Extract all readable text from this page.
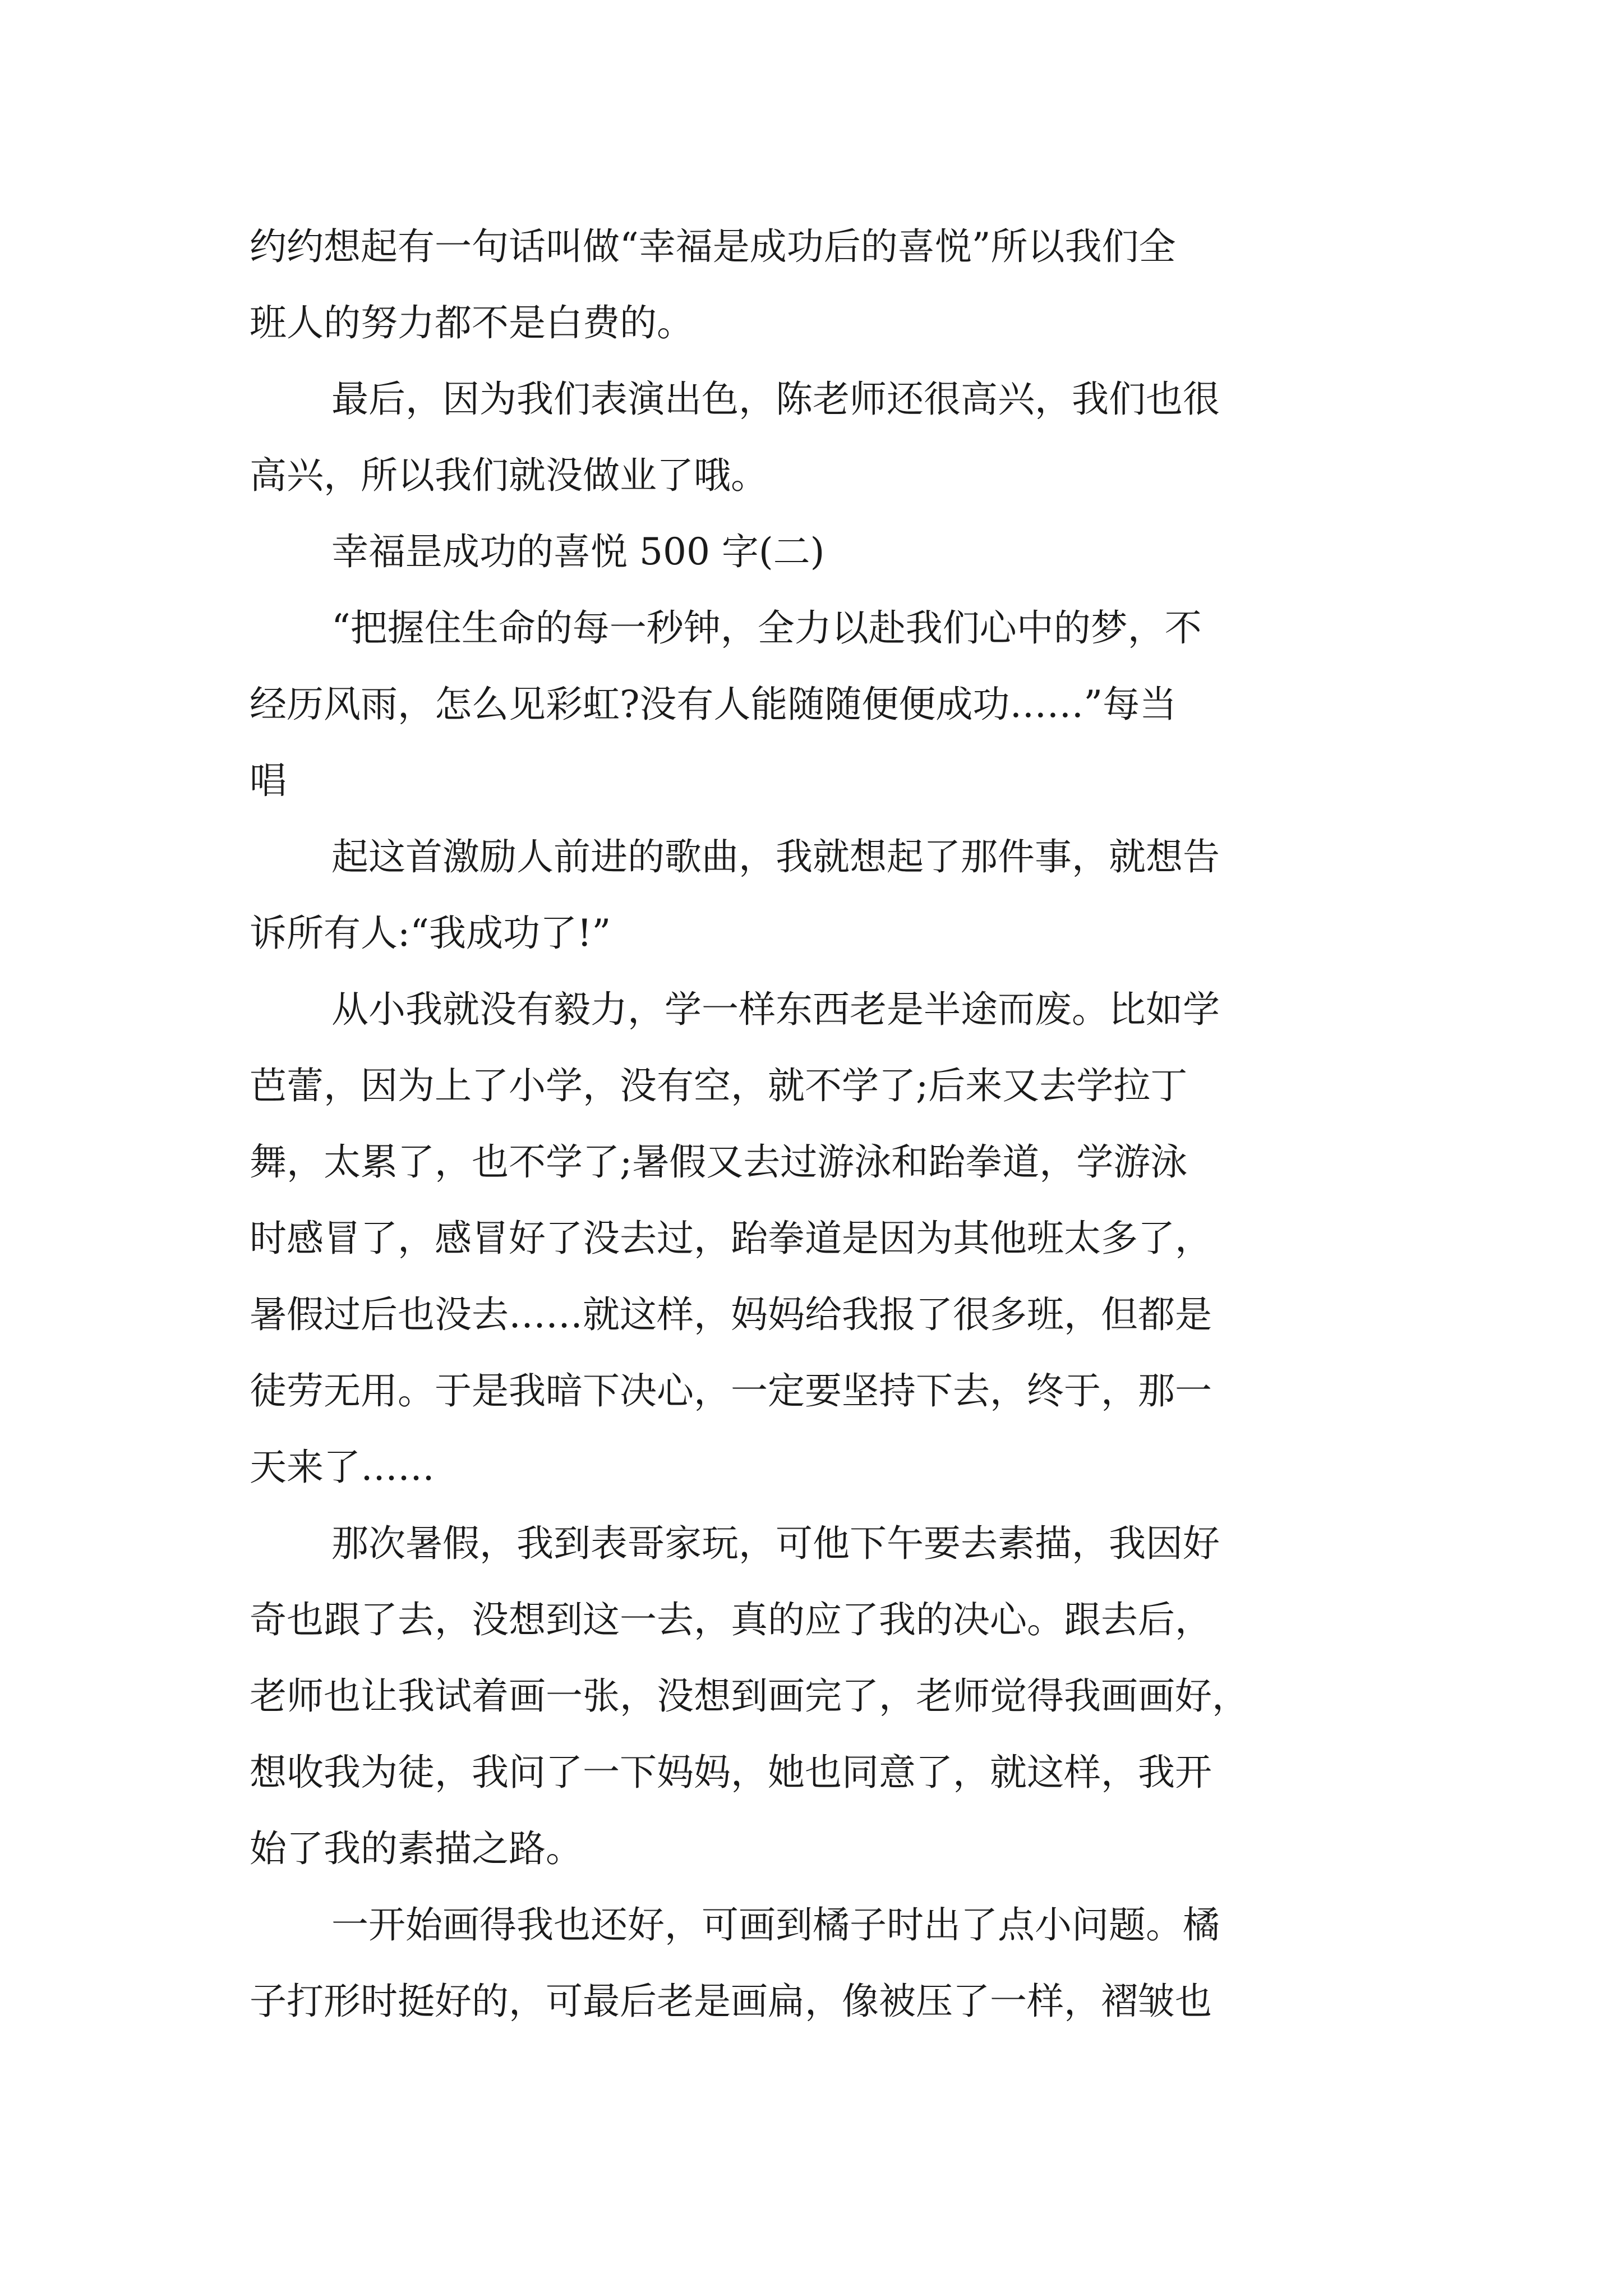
约约想起有一句话叫做“幸福是成功后的喜悦”所以我们全
班人的努力都不是白费的。
最后，因为我们表演出色，陈老师还很高兴，我们也很
高兴，所以我们就没做业了哦。
幸福昰成功的喜悦 500 字(二)
“把握住生命的每一秒钟，全力以赴我们心中的梦，不
经历风雨，怎么见彩虹?没有人能随随便便成功……”每当
唱
起这首激励人前进的歌曲，我就想起了那件事，就想告
诉所有人:“我成功了!”
从小我就没有毅力，学一样东西老是半途而废。比如学
芭蕾，因为上了小学，没有空，就不学了;后来又去学拉丁
舞，太累了，也不学了;暑假又去过游泳和跆拳道，学游泳
时感冒了，感冒好了没去过，跆拳道是因为其他班太多了，
暑假过后也没去……就这样，妈妈给我报了很多班，但都是
徒劳无用。于是我暗下决心，一定要坚持下去，终于，那一
天来了……
那次暑假，我到表哥家玩，可他下午要去素描，我因好
奇也跟了去，没想到这一去，真的应了我的决心。跟去后，
老师也让我试着画一张，没想到画完了，老师觉得我画画好，
想收我为徒，我问了一下妈妈，她也同意了，就这样，我开
始了我的素描之路。
一开始画得我也还好，可画到橘子时出了点小问题。橘
子打形时挺好的，可最后老是画扁，像被压了一样，褶皱也
